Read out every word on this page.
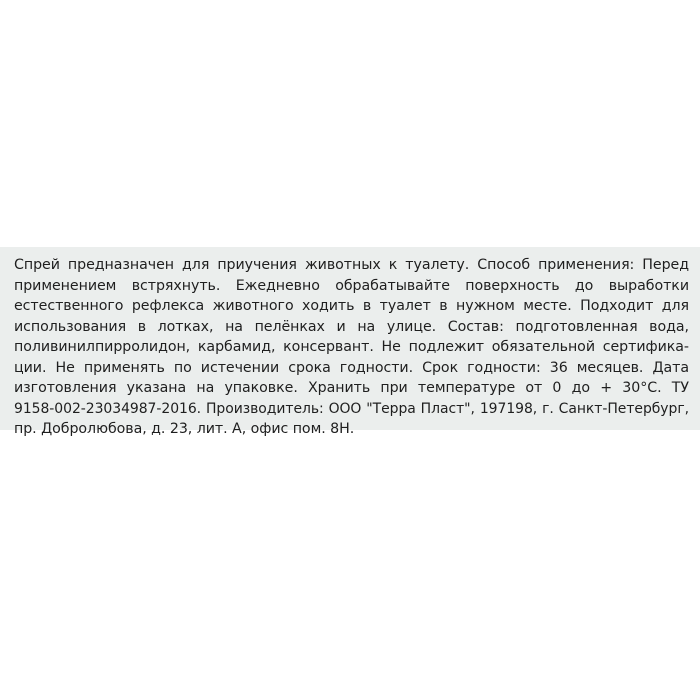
Спрей предназначен для приучения животных к туалету. Способ применения: Перед
применением встряхнуть. Ежедневно обрабатывайте поверхность до выработки
естественного рефлекса животного ходить в туалет в нужном месте. Подходит для
использования в лотках, на пелёнках и на улице. Состав: подготовленная вода,
поливинилпирролидон, карбамид, консервант. Не подлежит обязательной сертифика-
ции. Не применять по истечении срока годности. Срок годности: 36 месяцев. Дата
изготовления указана на упаковке. Хранить при температуре от 0 до + 30°С. ТУ
9158-002-23034987-2016. Производитель: ООО "Терра Пласт", 197198, г. Санкт-Петербург,
пр. Добролюбова, д. 23, лит. А, офис пом. 8Н.
